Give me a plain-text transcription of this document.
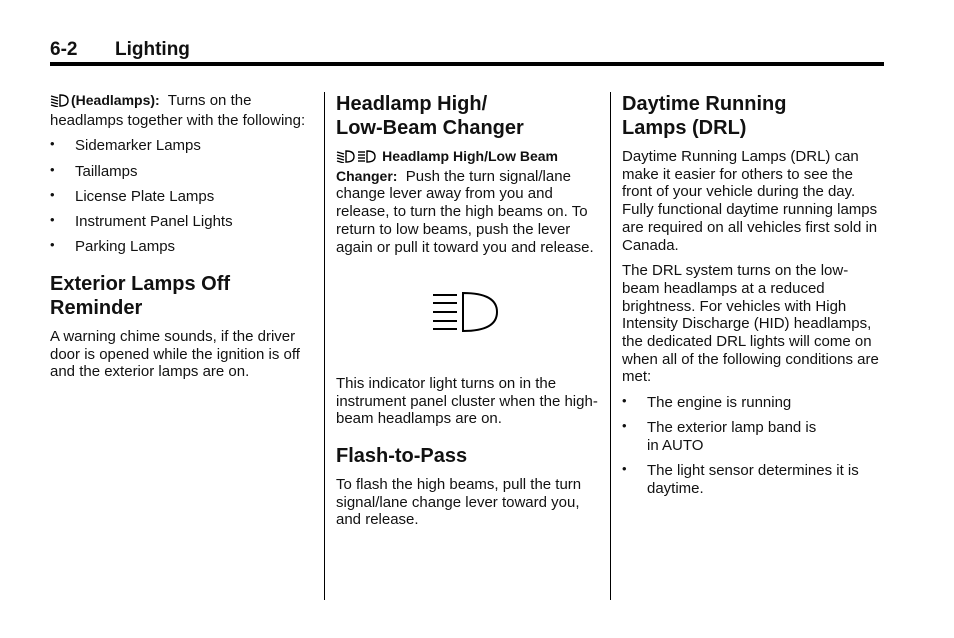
6-2 Lighting

(Headlamps): Turns on the headlamps together with the following:

• Sidemarker Lamps
• Taillamps
• License Plate Lamps
• Instrument Panel Lights
• Parking Lamps
Exterior Lamps Off Reminder

A warning chime sounds, if the driver door is opened while the ignition is off and the exterior lamps are on.

Headlamp High/ Low-Beam Changer

Headlamp High/Low Beam Changer: Push the turn signal/lane change lever away from you and release, to turn the high beams on. To return to low beams, push the lever again or pull it toward you and release.

This indicator light turns on in the instrument panel cluster when the high-beam headlamps are on.

Flash-to-Pass

To flash the high beams, pull the turn signal/lane change lever toward you, and release.

Daytime Running Lamps (DRL)

Daytime Running Lamps (DRL) can make it easier for others to see the front of your vehicle during the day. Fully functional daytime running lamps are required on all vehicles first sold in Canada.

The DRL system turns on the low-beam headlamps at a reduced brightness. For vehicles with High Intensity Discharge (HID) headlamps, the dedicated DRL lights will come on when all of the following conditions are met:

• The engine is running
• The exterior lamp band is in AUTO
• The light sensor determines it is daytime.
